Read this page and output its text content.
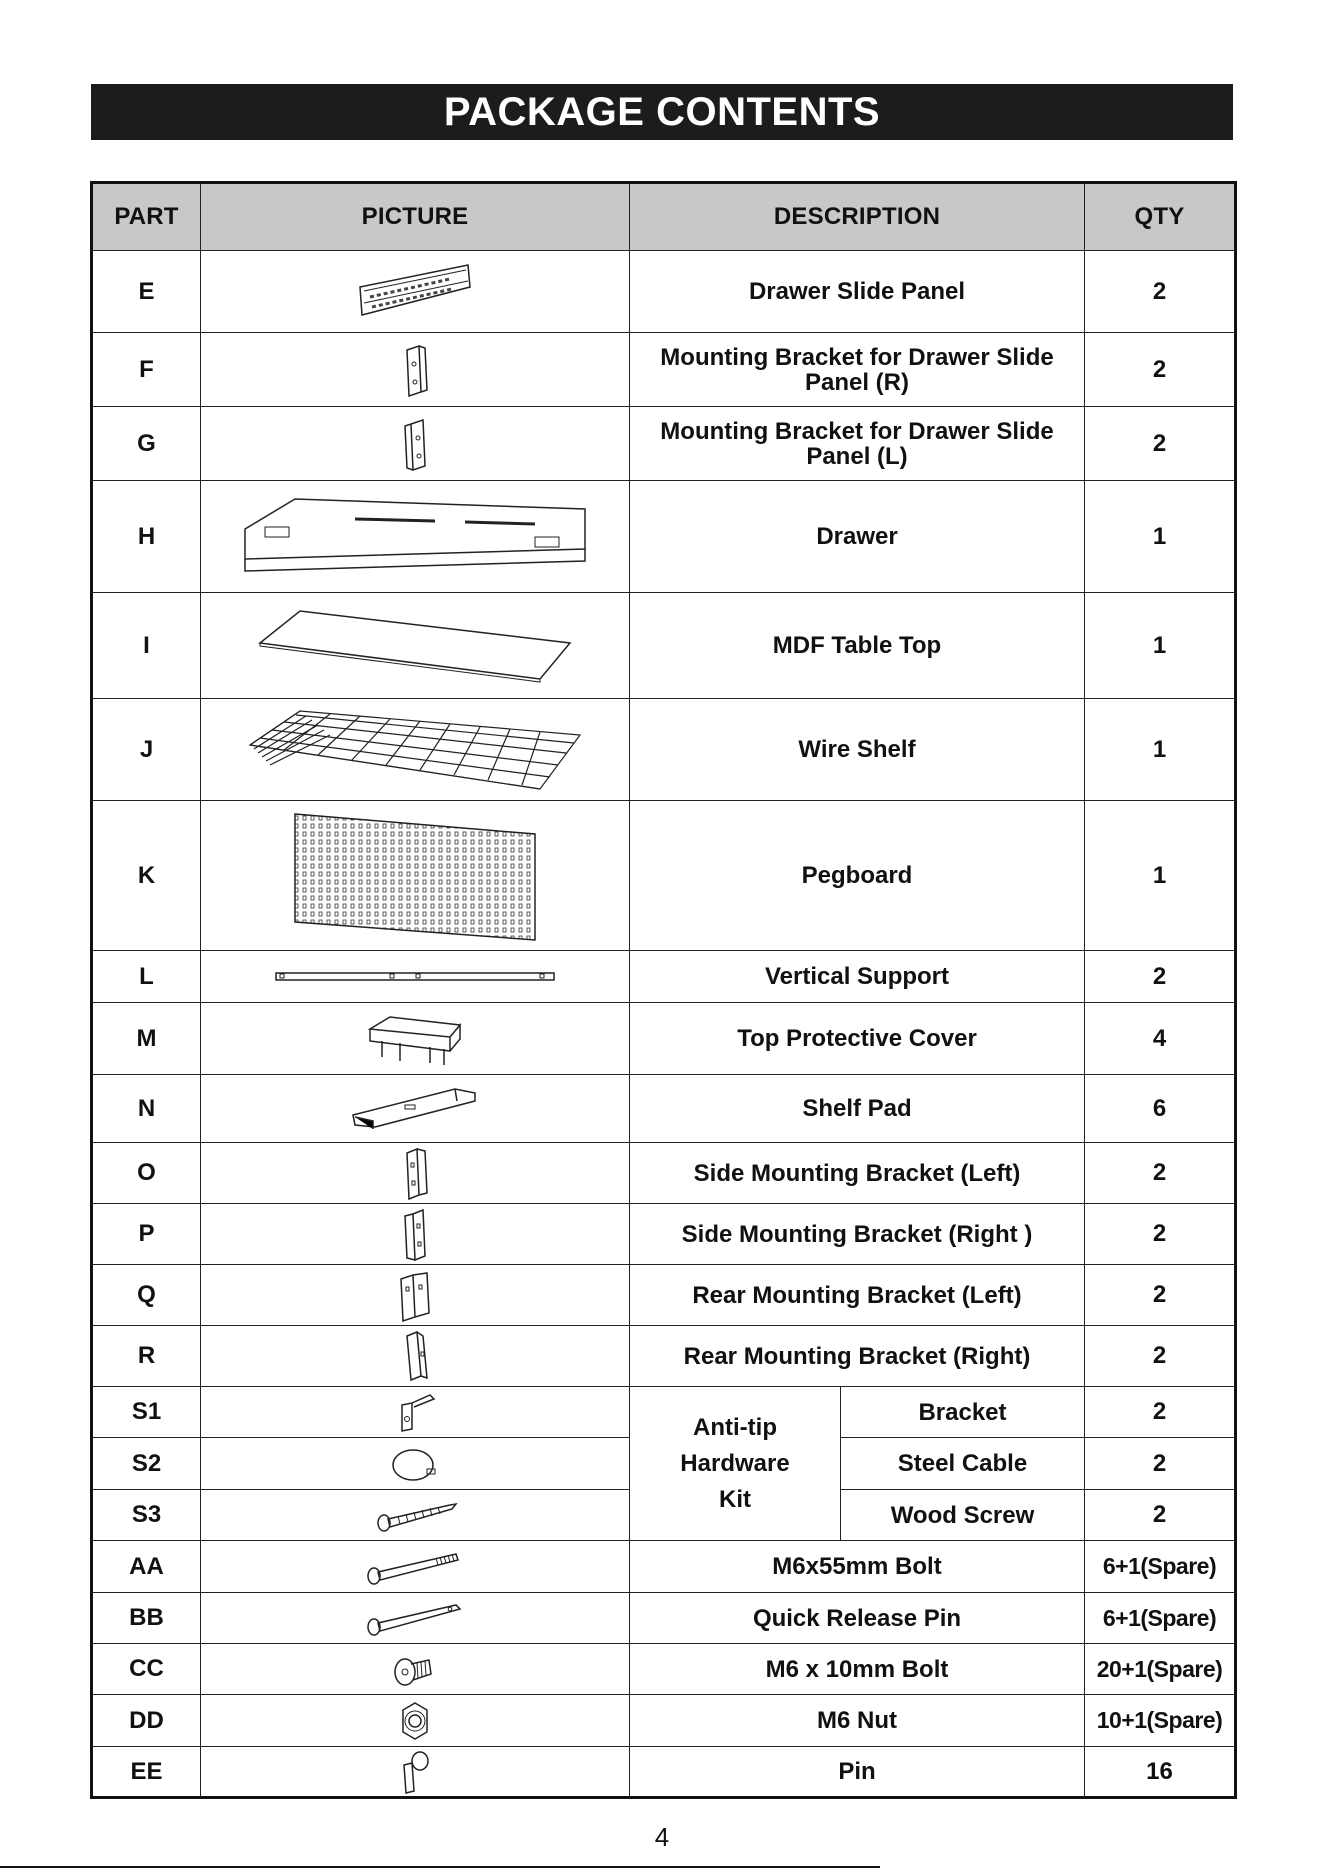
PACKAGE CONTENTS
PART	PICTURE	DESCRIPTION		QTY
E		Drawer Slide Panel		2
F		Mounting Bracket for Drawer Slide Panel (R)		2
G		Mounting Bracket for Drawer Slide Panel (L)		2
H		Drawer		1
I		MDF Table Top		1
J		Wire Shelf		1
K		Pegboard		1
L		Vertical Support		2
M		Top Protective Cover		4
N		Shelf Pad		6
O		Side Mounting Bracket (Left)		2
P		Side Mounting Bracket (Right )		2
Q		Rear Mounting Bracket (Left)		2
R		Rear Mounting Bracket (Right)		2
S1		Anti-tip Hardware Kit	Bracket	2
S2			Steel Cable	2
S3			Wood Screw	2
AA		M6x55mm Bolt		6+1(Spare)
BB		Quick Release Pin		6+1(Spare)
CC		M6 x 10mm Bolt		20+1(Spare)
DD		M6 Nut		10+1(Spare)
EE		Pin		16
4
